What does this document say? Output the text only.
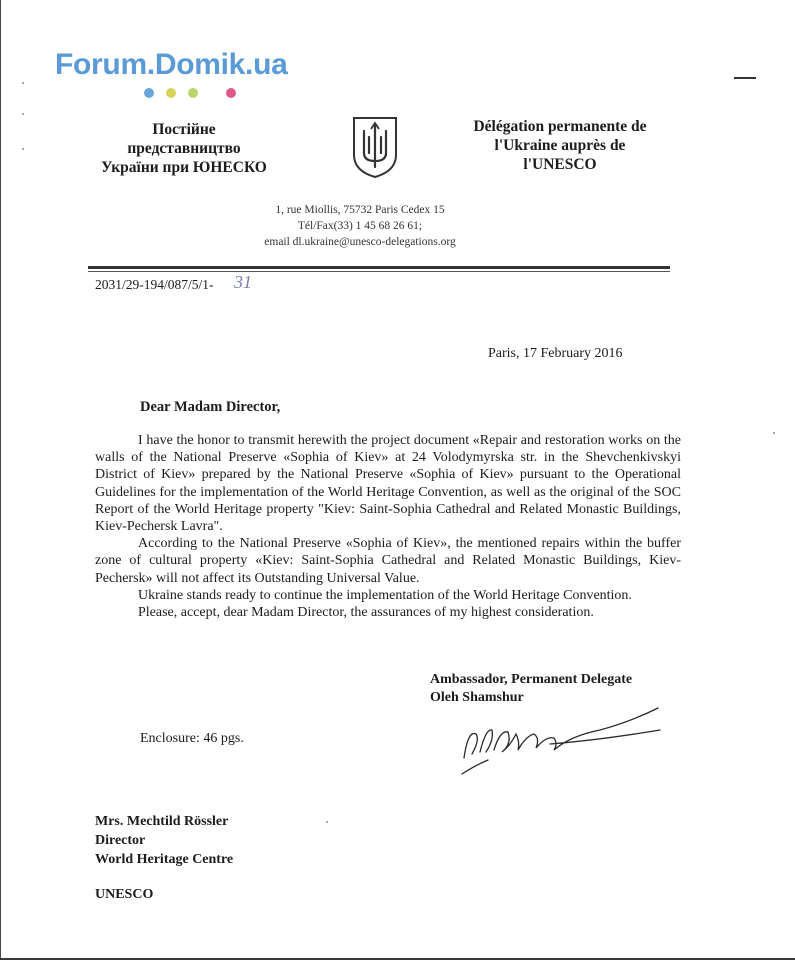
Forum.Domik.ua
Постійне
представництво
України при ЮНЕСКО
Délégation permanente de
l'Ukraine auprès de
l'UNESCO
1, rue Miollis, 75732 Paris Cedex 15
Tél/Fax(33) 1 45 68 26 61;
email dl.ukraine@unesco-delegations.org
2031/29-194/087/5/1- 31
Paris, 17 February 2016
Dear Madam Director,

I have the honor to transmit herewith the project document «Repair and restoration works on the walls of the National Preserve «Sophia of Kiev» at 24 Volodymyrska str. in the Shevchenkivskyi District of Kiev» prepared by the National Preserve «Sophia of Kiev» pursuant to the Operational Guidelines for the implementation of the World Heritage Convention, as well as the original of the SOC Report of the World Heritage property "Kiev: Saint-Sophia Cathedral and Related Monastic Buildings, Kiev-Pechersk Lavra".

According to the National Preserve «Sophia of Kiev», the mentioned repairs within the buffer zone of cultural property «Kiev: Saint-Sophia Cathedral and Related Monastic Buildings, Kiev-Pechersk» will not affect its Outstanding Universal Value.

Ukraine stands ready to continue the implementation of the World Heritage Convention.

Please, accept, dear Madam Director, the assurances of my highest consideration.

Ambassador, Permanent Delegate
Oleh Shamshur
Enclosure: 46 pgs.
Mrs. Mechtild Rössler
Director
World Heritage Centre
UNESCO
